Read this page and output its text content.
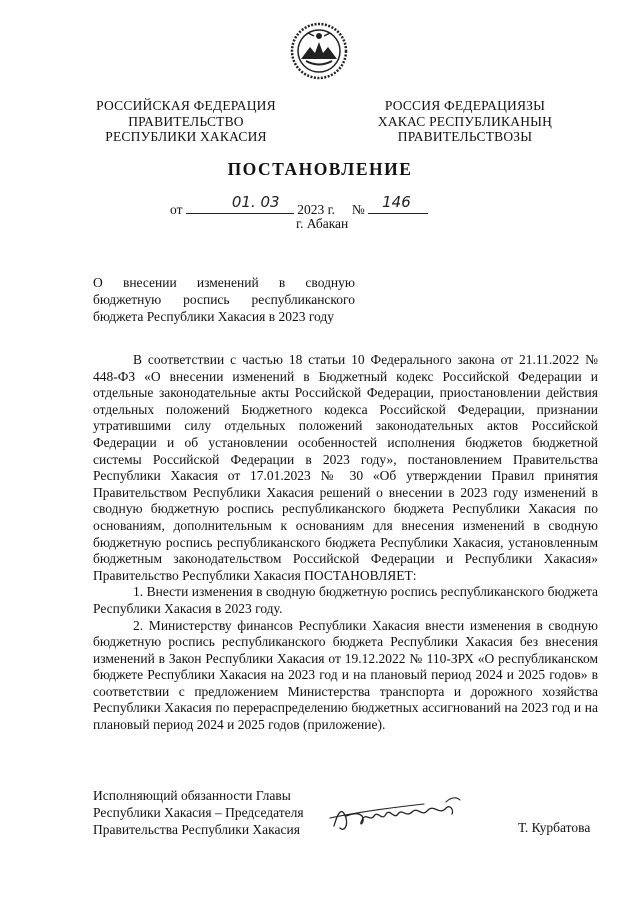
РОССИЙСКАЯ ФЕДЕРАЦИЯ
ПРАВИТЕЛЬСТВО
РЕСПУБЛИКИ ХАКАСИЯ
РОССИЯ ФЕДЕРАЦИЯЗЫ
ХАКАС РЕСПУБЛИКАНЫҢ
ПРАВИТЕЛЬСТВОЗЫ
ПОСТАНОВЛЕНИЕ
от	01. 03 2023 г. № 146
г. Абакан
О внесении изменений в сводную бюджетную роспись республиканского бюджета Республики Хакасия в 2023 году

В соответствии с частью 18 статьи 10 Федерального закона от 21.11.2022 № 448-ФЗ «О внесении изменений в Бюджетный кодекс Российской Федерации и отдельные законодательные акты Российской Федерации, приостановлении действия отдельных положений Бюджетного кодекса Российской Федерации, признании утратившими силу отдельных положений законодательных актов Российской Федерации и об установлении особенностей исполнения бюджетов бюджетной системы Российской Федерации в 2023 году», постановлением Правительства Республики Хакасия от 17.01.2023 № 30 «Об утверждении Правил принятия Правительством Республики Хакасия решений о внесении в 2023 году изменений в сводную бюджетную роспись республиканского бюджета Республики Хакасия по основаниям, дополнительным к основаниям для внесения изменений в сводную бюджетную роспись республиканского бюджета Республики Хакасия, установленным бюджетным законодательством Российской Федерации и Республики Хакасия» Правительство Республики Хакасия ПОСТАНОВЛЯЕТ:

1. Внести изменения в сводную бюджетную роспись республиканского бюджета Республики Хакасия в 2023 году.

2. Министерству финансов Республики Хакасия внести изменения в сводную бюджетную роспись республиканского бюджета Республики Хакасия без внесения изменений в Закон Республики Хакасия от 19.12.2022 № 110-ЗРХ «О республиканском бюджете Республики Хакасия на 2023 год и на плановый период 2024 и 2025 годов» в соответствии с предложением Министерства транспорта и дорожного хозяйства Республики Хакасия по перераспределению бюджетных ассигнований на 2023 год и на плановый период 2024 и 2025 годов (приложение).

Исполняющий обязанности Главы
Республики Хакасия – Председателя
Правительства Республики Хакасия	Т. Курбатова
